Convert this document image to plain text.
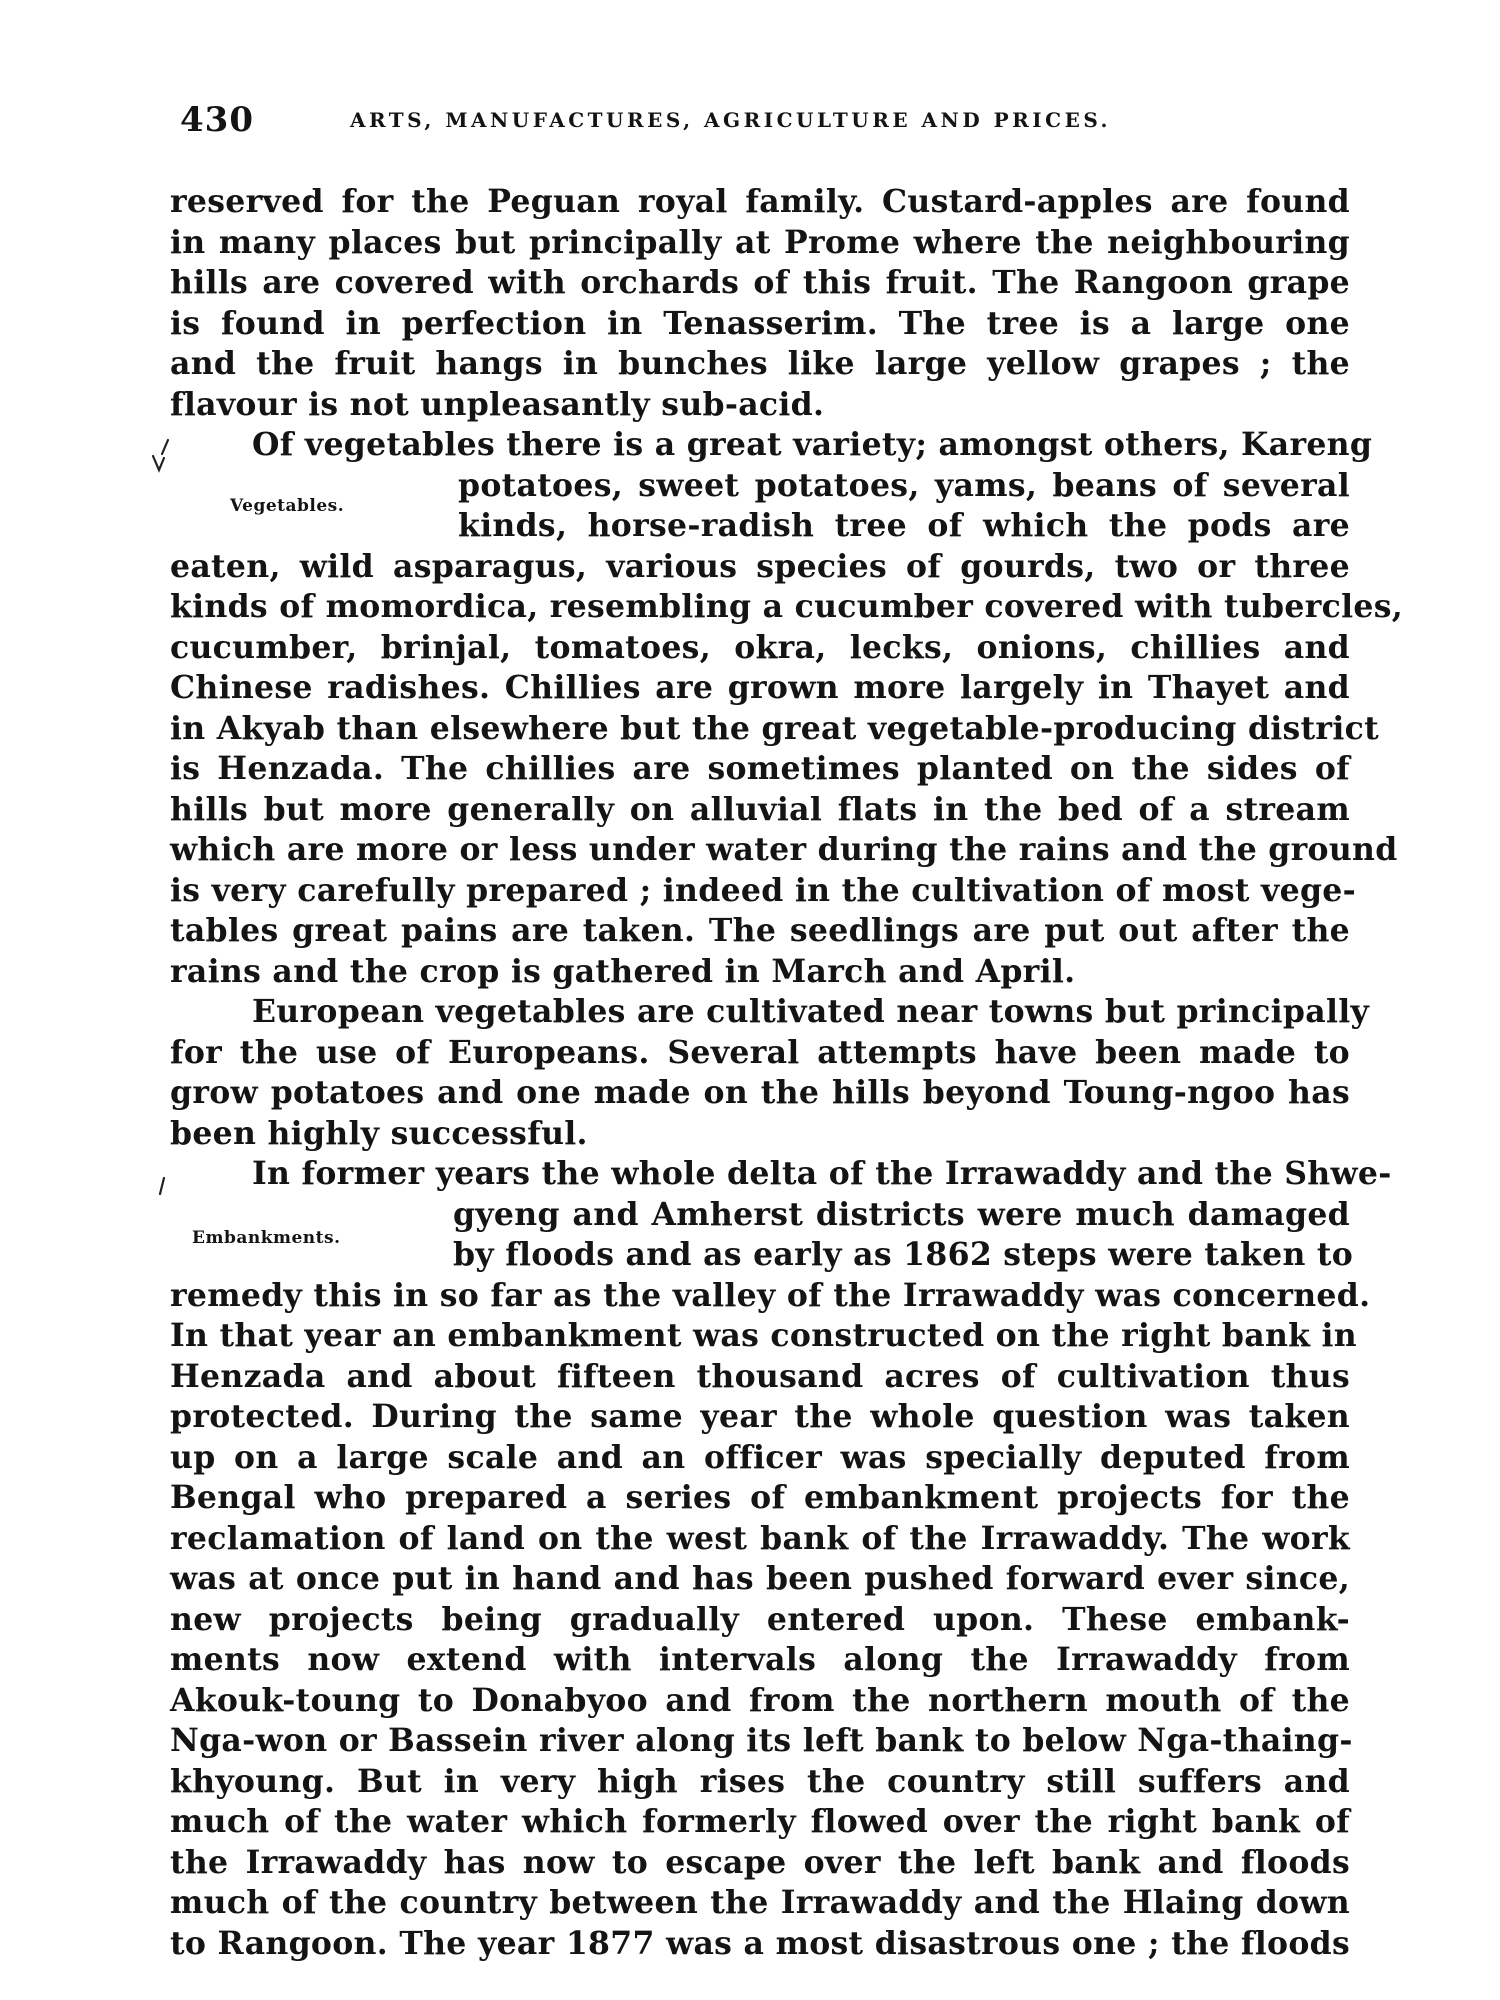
430	ARTS, MANUFACTURES, AGRICULTURE AND PRICES.
Vegetables.
Embankments.
reserved for the Peguan royal family. Custard-apples are found
in many places but principally at Prome where the neighbouring
hills are covered with orchards of this fruit. The Rangoon grape
is found in perfection in Tenasserim. The tree is a large one
and the fruit hangs in bunches like large yellow grapes ; the
flavour is not unpleasantly sub-acid.
Of vegetables there is a great variety; amongst others, Kareng
potatoes, sweet potatoes, yams, beans of several
kinds, horse-radish tree of which the pods are
eaten, wild asparagus, various species of gourds, two or three
kinds of momordica, resembling a cucumber covered with tubercles,
cucumber, brinjal, tomatoes, okra, lecks, onions, chillies and
Chinese radishes. Chillies are grown more largely in Thayet and
in Akyab than elsewhere but the great vegetable-producing district
is Henzada. The chillies are sometimes planted on the sides of
hills but more generally on alluvial flats in the bed of a stream
which are more or less under water during the rains and the ground
is very carefully prepared ; indeed in the cultivation of most vege-
tables great pains are taken. The seedlings are put out after the
rains and the crop is gathered in March and April.
European vegetables are cultivated near towns but principally
for the use of Europeans. Several attempts have been made to
grow potatoes and one made on the hills beyond Toung-ngoo has
been highly successful.
In former years the whole delta of the Irrawaddy and the Shwe-
gyeng and Amherst districts were much damaged
by floods and as early as 1862 steps were taken to
remedy this in so far as the valley of the Irrawaddy was concerned.
In that year an embankment was constructed on the right bank in
Henzada and about fifteen thousand acres of cultivation thus
protected. During the same year the whole question was taken
up on a large scale and an officer was specially deputed from
Bengal who prepared a series of embankment projects for the
reclamation of land on the west bank of the Irrawaddy. The work
was at once put in hand and has been pushed forward ever since,
new projects being gradually entered upon. These embank-
ments now extend with intervals along the Irrawaddy from
Akouk-toung to Donabyoo and from the northern mouth of the
Nga-won or Bassein river along its left bank to below Nga-thaing-
khyoung. But in very high rises the country still suffers and
much of the water which formerly flowed over the right bank of
the Irrawaddy has now to escape over the left bank and floods
much of the country between the Irrawaddy and the Hlaing down
to Rangoon. The year 1877 was a most disastrous one ; the floods
